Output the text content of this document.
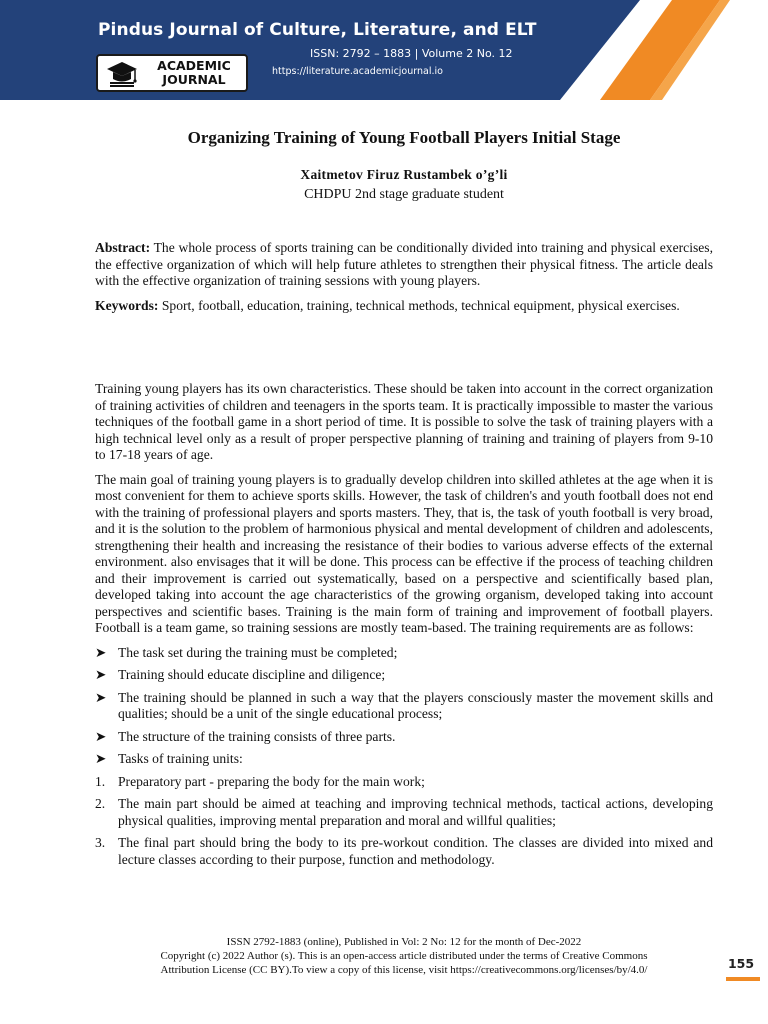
Pindus Journal of Culture, Literature, and ELT
ISSN: 2792 – 1883 | Volume 2 No. 12
https://literature.academicjournal.io
ACADEMIC
JOURNAL
Organizing Training of Young Football Players Initial Stage
Xaitmetov Firuz Rustambek o’g’li
CHDPU 2nd stage graduate student

Abstract: The whole process of sports training can be conditionally divided into training and physical exercises, the effective organization of which will help future athletes to strengthen their physical fitness. The article deals with the effective organization of training sessions with young players.

Keywords: Sport, football, education, training, technical methods, technical equipment, physical exercises.

Training young players has its own characteristics. These should be taken into account in the correct organization of training activities of children and teenagers in the sports team. It is practically impossible to master the various techniques of the football game in a short period of time. It is possible to solve the task of training players with a high technical level only as a result of proper perspective planning of training and training of players from 9-10 to 17-18 years of age.

The main goal of training young players is to gradually develop children into skilled athletes at the age when it is most convenient for them to achieve sports skills. However, the task of children's and youth football does not end with the training of professional players and sports masters. They, that is, the task of youth football is very broad, and it is the solution to the problem of harmonious physical and mental development of children and adolescents, strengthening their health and increasing the resistance of their bodies to various adverse effects of the external environment. also envisages that it will be done. This process can be effective if the process of teaching children and their improvement is carried out systematically, based on a perspective and scientifically based plan, developed taking into account the age characteristics of the growing organism, developed taking into account perspectives and scientific bases. Training is the main form of training and improvement of football players. Football is a team game, so training sessions are mostly team-based. The training requirements are as follows:

➤ The task set during the training must be completed;
➤ Training should educate discipline and diligence;
➤ The training should be planned in such a way that the players consciously master the movement skills and qualities; should be a unit of the single educational process;
➤ The structure of the training consists of three parts.
➤ Tasks of training units:
1. Preparatory part - preparing the body for the main work;
2. The main part should be aimed at teaching and improving technical methods, tactical actions, developing physical qualities, improving mental preparation and moral and willful qualities;
3. The final part should bring the body to its pre-workout condition. The classes are divided into mixed and lecture classes according to their purpose, function and methodology.
ISSN 2792-1883 (online), Published in Vol: 2 No: 12 for the month of Dec-2022
Copyright (c) 2022 Author (s). This is an open-access article distributed under the terms of Creative Commons
Attribution License (CC BY).To view a copy of this license, visit https://creativecommons.org/licenses/by/4.0/	155
